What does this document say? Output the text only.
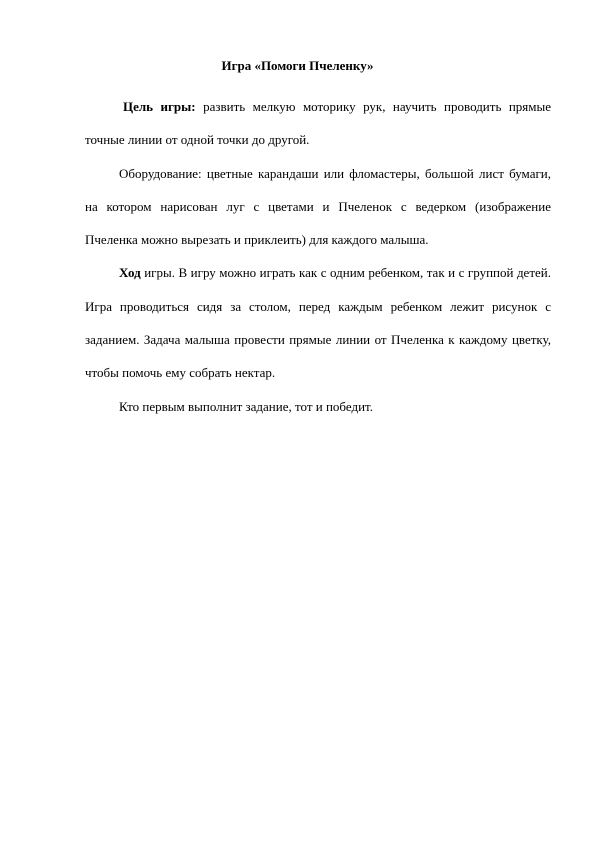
Игра «Помоги Пчеленку»

Цель игры: развить мелкую моторику рук, научить проводить прямые точные линии от одной точки до другой.

Оборудование: цветные карандаши или фломастеры, большой лист бумаги, на котором нарисован луг с цветами и Пчеленок с ведерком (изображение Пчеленка можно вырезать и приклеить) для каждого малыша.

Ход игры. В игру можно играть как с одним ребенком, так и с группой детей. Игра проводиться сидя за столом, перед каждым ребенком лежит рисунок с заданием. Задача малыша провести прямые линии от Пчеленка к каждому цветку, чтобы помочь ему собрать нектар.

Кто первым выполнит задание, тот и победит.
